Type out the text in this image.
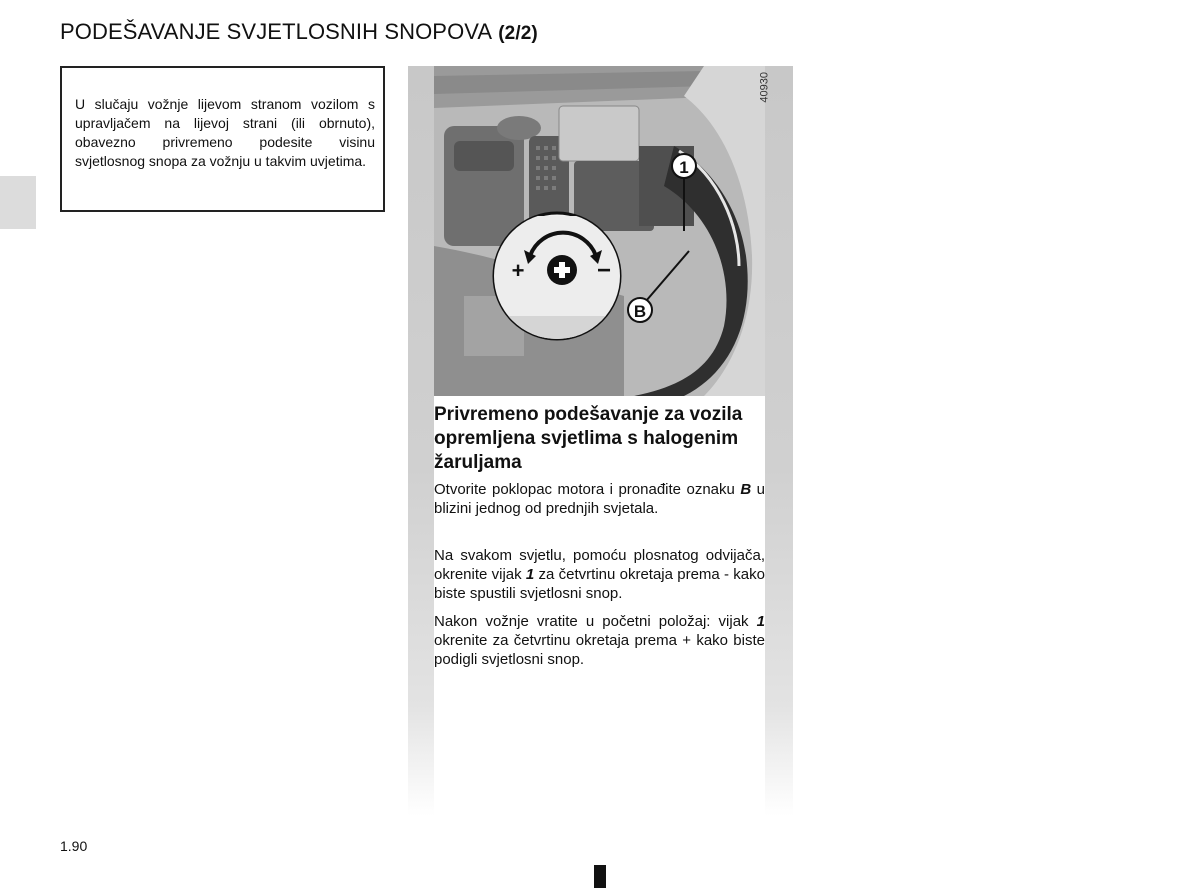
PODEŠAVANJE SVJETLOSNIH SNOPOVA (2/2)

U slučaju vožnje lijevom stranom vozilom s upravljačem na lijevoj strani (ili obrnuto), obavezno privremeno podesite visinu svjetlosnog snopa za vožnju u takvim uvjetima.

+	−
1
B
40930
Privremeno podešavanje za vozila opremljena svjetlima s halogenim žaruljama

Otvorite poklopac motora i pronađite oznaku B u blizini jednog od prednjih svjetala.

Na svakom svjetlu, pomoću plosnatog odvijača, okrenite vijak 1 za četvrtinu okretaja prema - kako biste spustili svjetlosni snop.

Nakon vožnje vratite u početni položaj: vijak 1 okrenite za četvrtinu okretaja prema + kako biste podigli svjetlosni snop.

1.90
